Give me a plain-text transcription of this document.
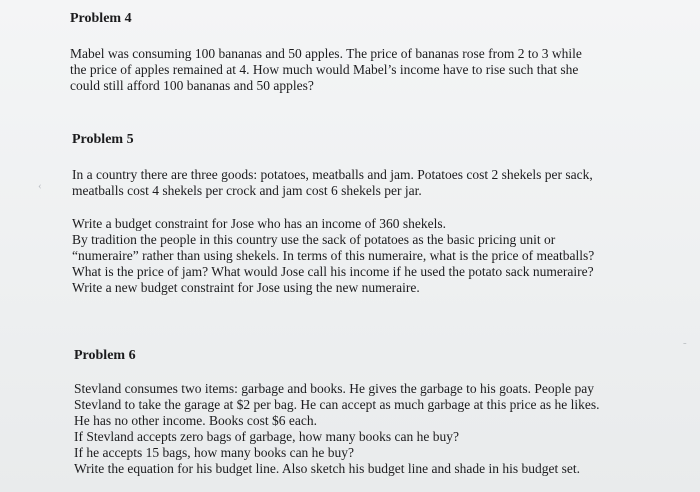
Problem 4

Mabel was consuming 100 bananas and 50 apples. The price of bananas rose from 2 to 3 while
the price of apples remained at 4. How much would Mabel’s income have to rise such that she
could still afford 100 bananas and 50 apples?

Problem 5

In a country there are three goods: potatoes, meatballs and jam. Potatoes cost 2 shekels per sack,
meatballs cost 4 shekels per crock and jam cost 6 shekels per jar.

Write a budget constraint for Jose who has an income of 360 shekels.
By tradition the people in this country use the sack of potatoes as the basic pricing unit or
“numeraire” rather than using shekels. In terms of this numeraire, what is the price of meatballs?
What is the price of jam? What would Jose call his income if he used the potato sack numeraire?
Write a new budget constraint for Jose using the new numeraire.

Problem 6

Stevland consumes two items: garbage and books. He gives the garbage to his goats. People pay
Stevland to take the garage at $2 per bag. He can accept as much garbage at this price as he likes.
He has no other income. Books cost $6 each.
If Stevland accepts zero bags of garbage, how many books can he buy?
If he accepts 15 bags, how many books can he buy?
Write the equation for his budget line. Also sketch his budget line and shade in his budget set.

‹
-
